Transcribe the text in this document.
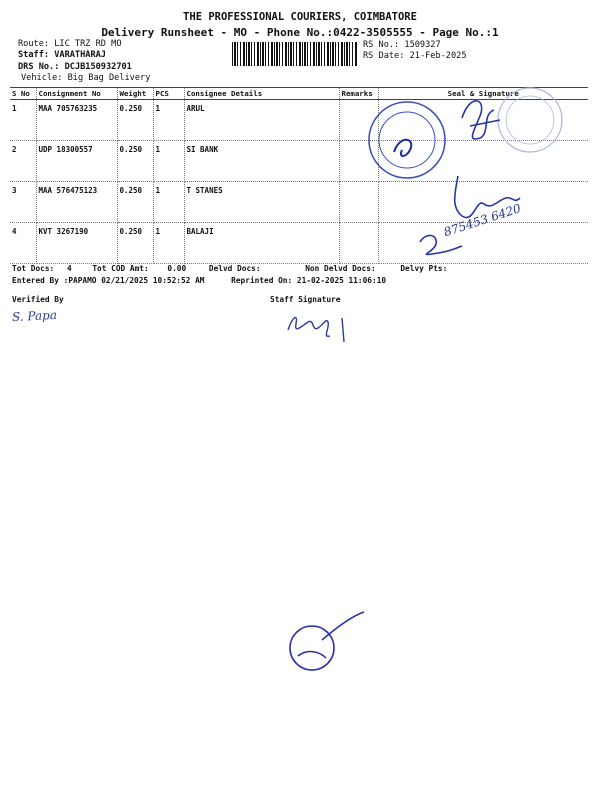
THE PROFESSIONAL COURIERS, COIMBATORE
Delivery Runsheet - MO - Phone No.:0422-3505555 - Page No.:1
Route: LIC TRZ RD MO
Staff: VARATHARAJ
DRS No.: DCJB150932701
Vehicle: Big Bag Delivery
RS No.: 1509327
RS Date: 21-Feb-2025
S No	Consignment No	Weight	PCS	Consignee Details	Remarks	Seal & Signature
1	MAA 705763235	0.250	1	ARUL		
2	UDP 18300557	0.250	1	SI BANK		
3	MAA 576475123	0.250	1	T STANES		
4	KVT 3267190	0.250	1	BALAJI		
Tot Docs: 4	Tot COD Amt: 0.00	Delvd Docs:	Non Delvd Docs:	Delvy Pts:
Entered By :PAPAMO 02/21/2025 10:52:52 AM	Reprinted On: 21-02-2025 11:06:10
Verified By	Staff Signature
S. Papa
875453 6420
